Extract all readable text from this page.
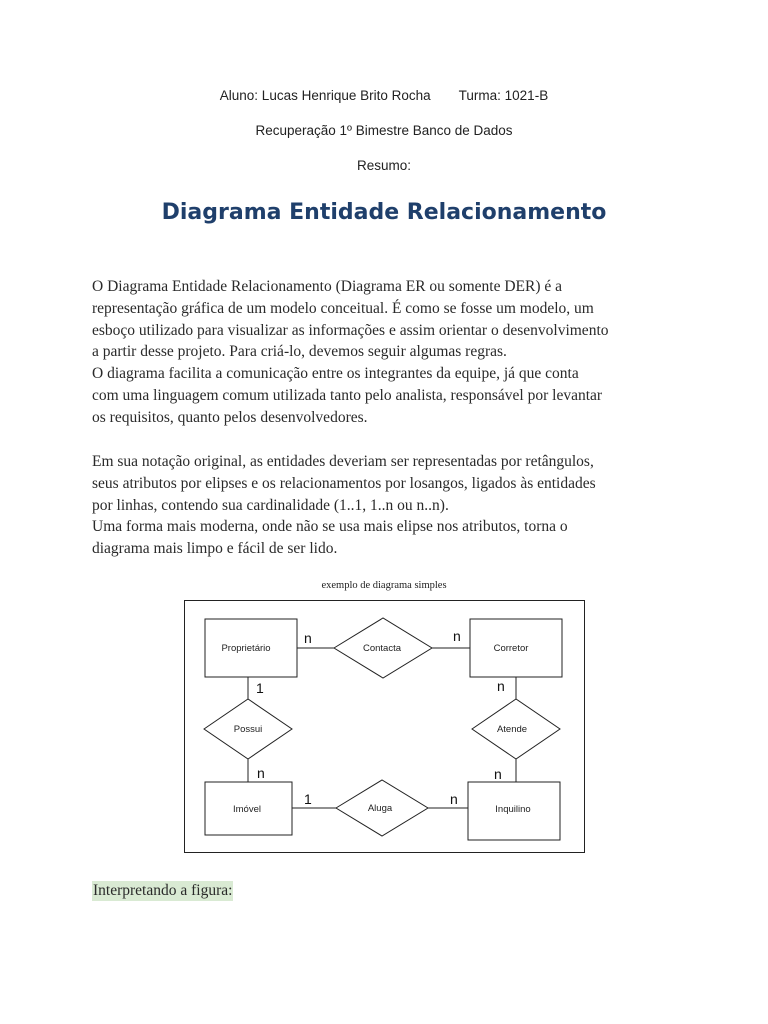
Aluno: Lucas Henrique Brito Rocha Turma: 1021-B
Recuperação 1º Bimestre Banco de Dados
Resumo:
Diagrama Entidade Relacionamento
O Diagrama Entidade Relacionamento (Diagrama ER ou somente DER) é a
representação gráfica de um modelo conceitual. É como se fosse um modelo, um
esboço utilizado para visualizar as informações e assim orientar o desenvolvimento
a partir desse projeto. Para criá-lo, devemos seguir algumas regras.
O diagrama facilita a comunicação entre os integrantes da equipe, já que conta
com uma linguagem comum utilizada tanto pelo analista, responsável por levantar
os requisitos, quanto pelos desenvolvedores.
Em sua notação original, as entidades deveriam ser representadas por retângulos,
seus atributos por elipses e os relacionamentos por losangos, ligados às entidades
por linhas, contendo sua cardinalidade (1..1, 1..n ou n..n).
Uma forma mais moderna, onde não se usa mais elipse nos atributos, torna o
diagrama mais limpo e fácil de ser lido.
exemplo de diagrama simples
Proprietário	Corretor
Imóvel	Inquilino
Contacta
Possui	Atende
Aluga
n	n
1
n
n
n
1	n
Interpretando a figura:
